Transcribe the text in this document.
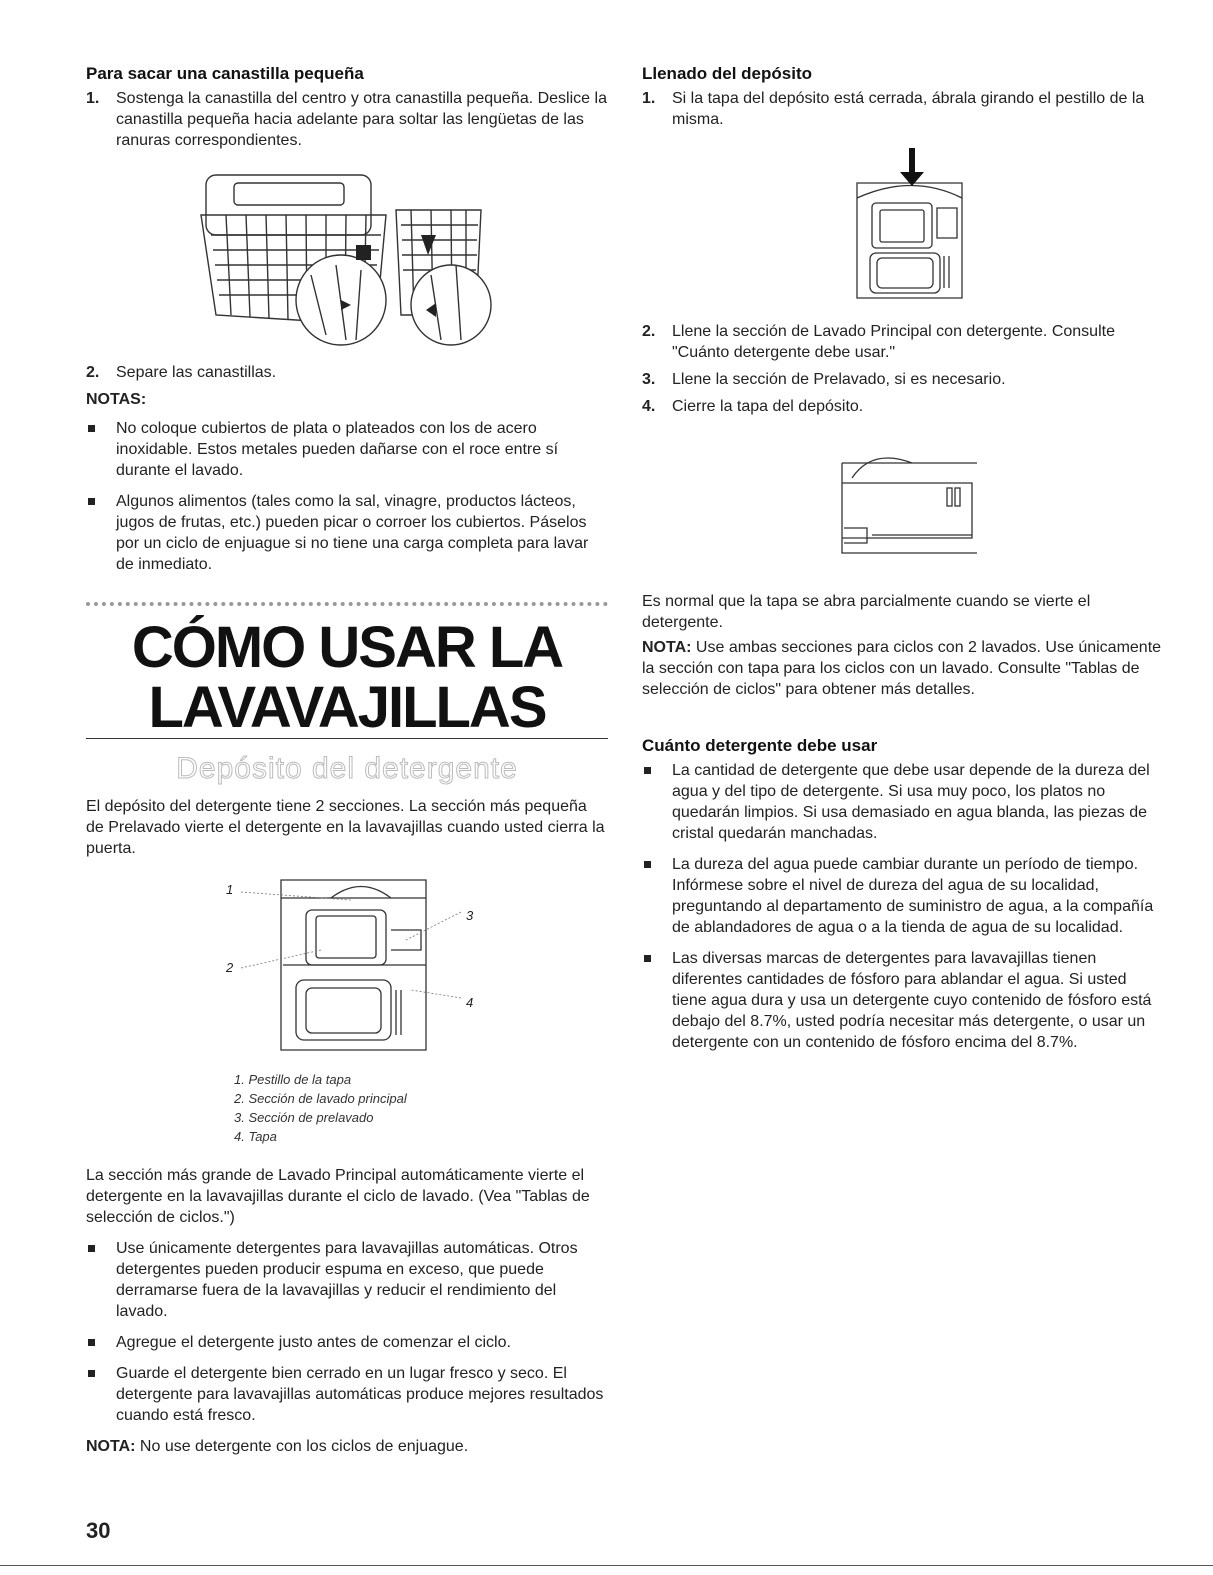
Para sacar una canastilla pequeña
1. Sostenga la canastilla del centro y otra canastilla pequeña. Deslice la canastilla pequeña hacia adelante para soltar las lengüetas de las ranuras correspondientes.
2. Separe las canastillas.

NOTAS:

No coloque cubiertos de plata o plateados con los de acero inoxidable. Estos metales pueden dañarse con el roce entre sí durante el lavado.
Algunos alimentos (tales como la sal, vinagre, productos lácteos, jugos de frutas, etc.) pueden picar o corroer los cubiertos. Páselos por un ciclo de enjuague si no tiene una carga completa para lavar de inmediato.
CÓMO USAR LA
LAVAVAJILLAS
Depósito del detergente

El depósito del detergente tiene 2 secciones. La sección más pequeña de Prelavado vierte el detergente en la lavavajillas cuando usted cierra la puerta.

1
2
3
4
1. Pestillo de la tapa
2. Sección de lavado principal
3. Sección de prelavado
4. Tapa

La sección más grande de Lavado Principal automáticamente vierte el detergente en la lavavajillas durante el ciclo de lavado. (Vea "Tablas de selección de ciclos.")

Use únicamente detergentes para lavavajillas automáticas. Otros detergentes pueden producir espuma en exceso, que puede derramarse fuera de la lavavajillas y reducir el rendimiento del lavado.
Agregue el detergente justo antes de comenzar el ciclo.
Guarde el detergente bien cerrado en un lugar fresco y seco. El detergente para lavavajillas automáticas produce mejores resultados cuando está fresco.

NOTA: No use detergente con los ciclos de enjuague.

Llenado del depósito
1. Si la tapa del depósito está cerrada, ábrala girando el pestillo de la misma.
2. Llene la sección de Lavado Principal con detergente. Consulte "Cuánto detergente debe usar."
3. Llene la sección de Prelavado, si es necesario.
4. Cierre la tapa del depósito.

Es normal que la tapa se abra parcialmente cuando se vierte el detergente.

NOTA: Use ambas secciones para ciclos con 2 lavados. Use únicamente la sección con tapa para los ciclos con un lavado. Consulte "Tablas de selección de ciclos" para obtener más detalles.

Cuánto detergente debe usar
La cantidad de detergente que debe usar depende de la dureza del agua y del tipo de detergente. Si usa muy poco, los platos no quedarán limpios. Si usa demasiado en agua blanda, las piezas de cristal quedarán manchadas.
La dureza del agua puede cambiar durante un período de tiempo. Infórmese sobre el nivel de dureza del agua de su localidad, preguntando al departamento de suministro de agua, a la compañía de ablandadores de agua o a la tienda de agua de su localidad.
Las diversas marcas de detergentes para lavavajillas tienen diferentes cantidades de fósforo para ablandar el agua. Si usted tiene agua dura y usa un detergente cuyo contenido de fósforo está debajo del 8.7%, usted podría necesitar más detergente, o usar un detergente con un contenido de fósforo encima del 8.7%.
30
